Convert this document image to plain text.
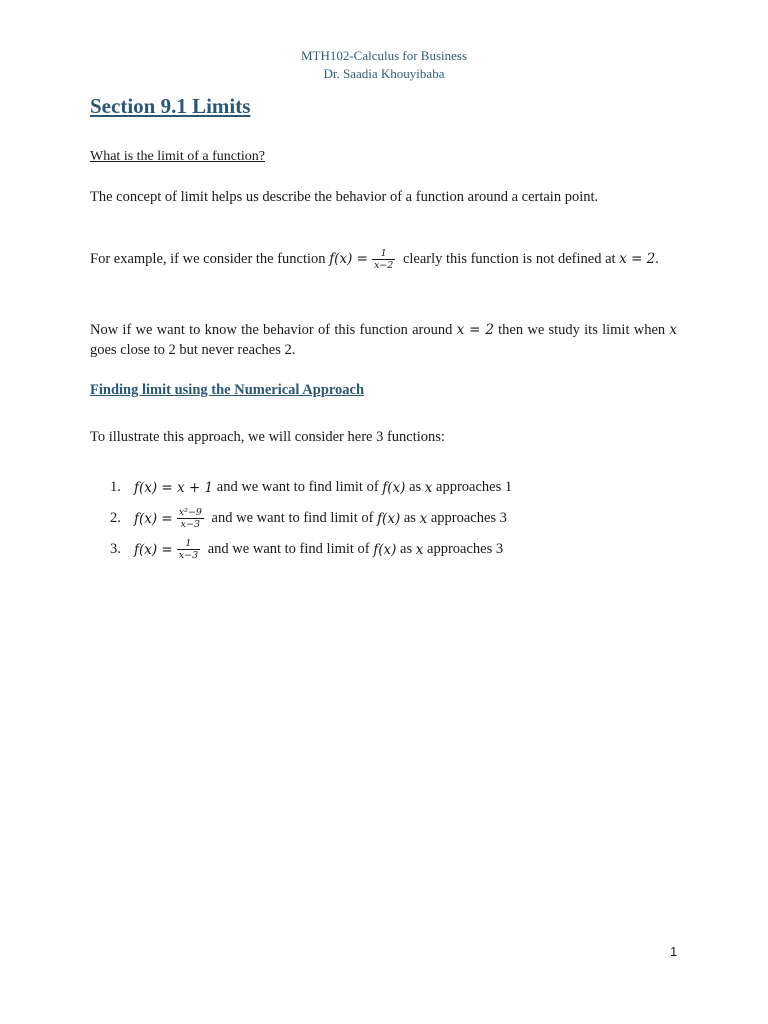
MTH102-Calculus for Business
Dr. Saadia Khouyibaba
Section 9.1 Limits
What is the limit of a function?
The concept of limit helps us describe the behavior of a function around a certain point.
For example, if we consider the function $f(x) = \frac{1}{x-2}$ clearly this function is not defined at x = 2.
Now if we want to know the behavior of this function around x = 2 then we study its limit when x goes close to 2 but never reaches 2.
Finding limit using the Numerical Approach
To illustrate this approach, we will consider here 3 functions:
1. f(x) = x + 1 and we want to find limit of f(x) as x approaches 1
2. $f(x) = \frac{\text{x²−9}}{x-3}$ and we want to find limit of f(x) as x approaches 3
3. $f(x) = \frac{1}{x-3}$ and we want to find limit of f(x) as x approaches 3
1
